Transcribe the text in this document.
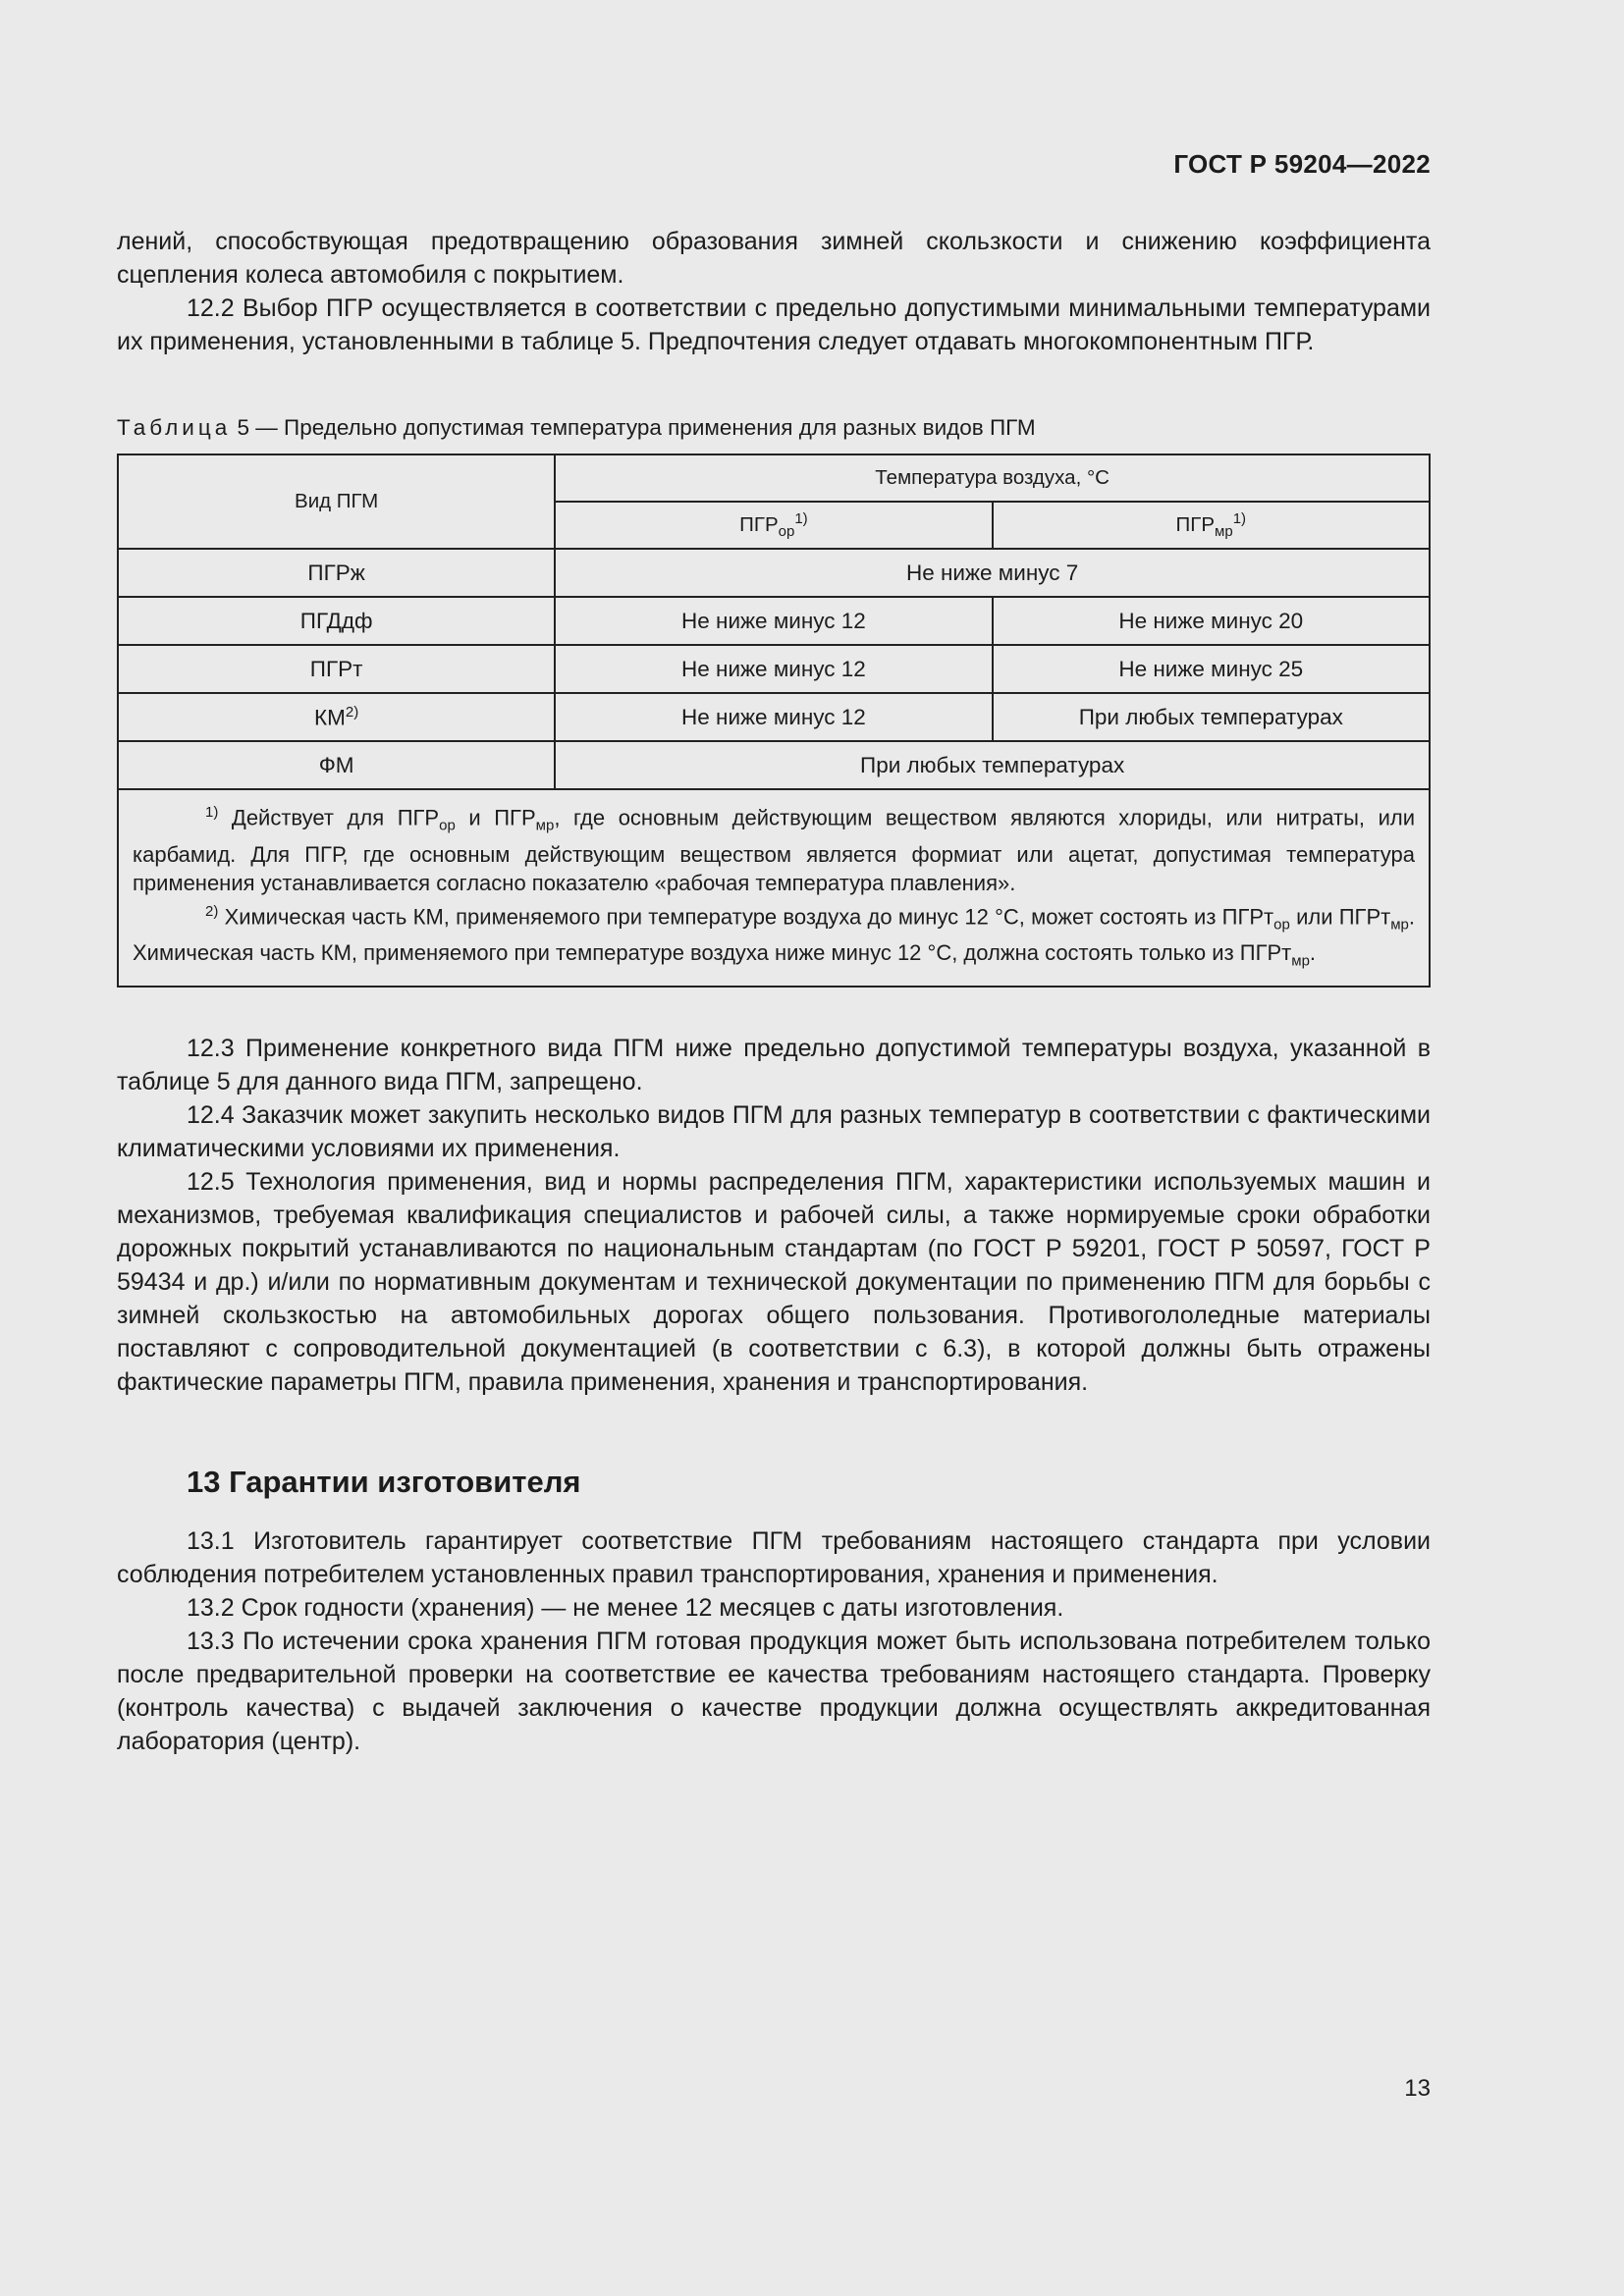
ГОСТ Р 59204—2022

лений, способствующая предотвращению образования зимней скользкости и снижению коэффициента сцепления колеса автомобиля с покрытием.

12.2 Выбор ПГР осуществляется в соответствии с предельно допустимыми минимальными температурами их применения, установленными в таблице 5. Предпочтения следует отдавать многокомпонентным ПГР.

Таблица 5 — Предельно допустимая температура применения для разных видов ПГМ
Вид ПГМ	Температура воздуха, °С	
	$ПГР_{ор}^{1)}$	$ПГР_{мр}^{1)}$
ПГРж	Не ниже минус 7	
ПГДдф	Не ниже минус 12	Не ниже минус 20
ПГРт	Не ниже минус 12	Не ниже минус 25
КМ$^{2)}$	Не ниже минус 12	При любых температурах
ФМ	При любых температурах	

$^{1)}$ Действует для $ПГР_{ор}$ и $ПГР_{мр}$, где основным действующим веществом являются хлориды, или нитраты, или карбамид. Для ПГР, где основным действующим веществом является формиат или ацетат, допустимая температура применения устанавливается согласно показателю «рабочая температура плавления».

$^{2)}$ Химическая часть КМ, применяемого при температуре воздуха до минус 12 °С, может состоять из ПГРт$_{ор}$ или ПГРт$_{мр}$. Химическая часть КМ, применяемого при температуре воздуха ниже минус 12 °С, должна состоять только из ПГРт$_{мр}$.		

12.3 Применение конкретного вида ПГМ ниже предельно допустимой температуры воздуха, указанной в таблице 5 для данного вида ПГМ, запрещено.

12.4 Заказчик может закупить несколько видов ПГМ для разных температур в соответствии с фактическими климатическими условиями их применения.

12.5 Технология применения, вид и нормы распределения ПГМ, характеристики используемых машин и механизмов, требуемая квалификация специалистов и рабочей силы, а также нормируемые сроки обработки дорожных покрытий устанавливаются по национальным стандартам (по ГОСТ Р 59201, ГОСТ Р 50597, ГОСТ Р 59434 и др.) и/или по нормативным документам и технической документации по применению ПГМ для борьбы с зимней скользкостью на автомобильных дорогах общего пользования. Противогололедные материалы поставляют с сопроводительной документацией (в соответствии с 6.3), в которой должны быть отражены фактические параметры ПГМ, правила применения, хранения и транспортирования.

13 Гарантии изготовителя

13.1 Изготовитель гарантирует соответствие ПГМ требованиям настоящего стандарта при условии соблюдения потребителем установленных правил транспортирования, хранения и применения.

13.2 Срок годности (хранения) — не менее 12 месяцев с даты изготовления.

13.3 По истечении срока хранения ПГМ готовая продукция может быть использована потребителем только после предварительной проверки на соответствие ее качества требованиям настоящего стандарта. Проверку (контроль качества) с выдачей заключения о качестве продукции должна осуществлять аккредитованная лаборатория (центр).

13
